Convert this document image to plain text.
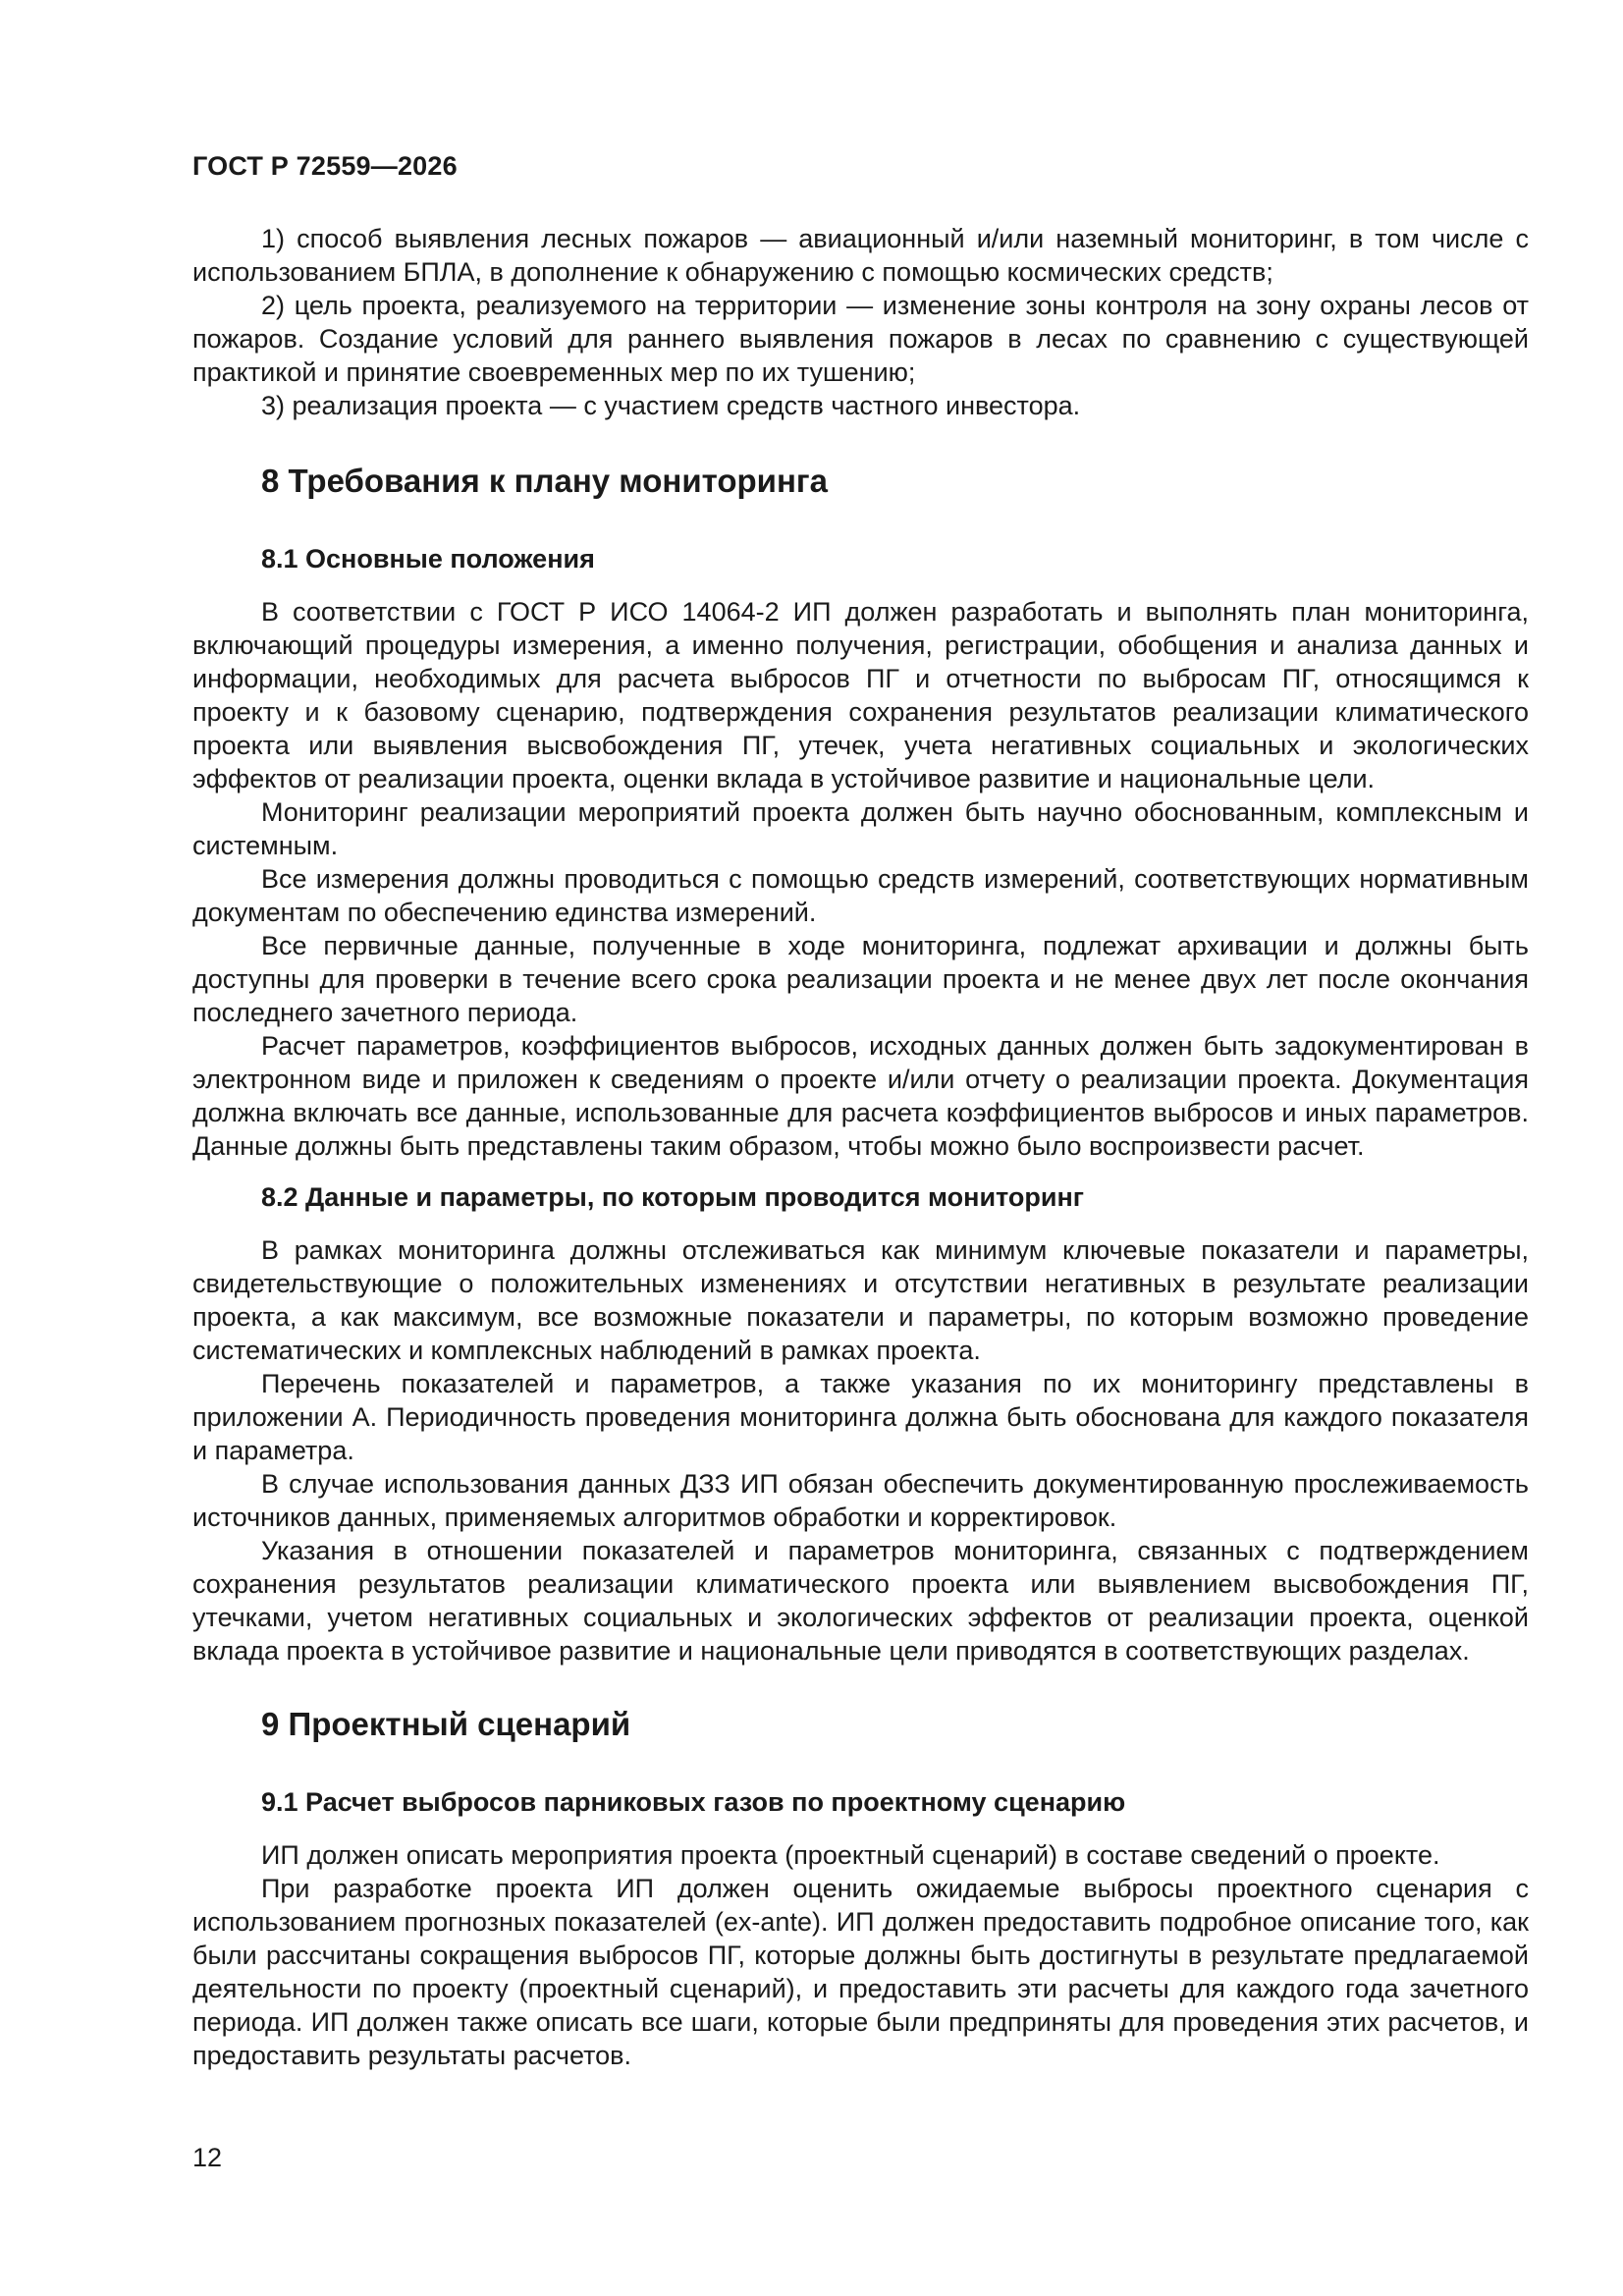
ГОСТ Р 72559—2026

1) способ выявления лесных пожаров — авиационный и/или наземный мониторинг, в том числе с использованием БПЛА, в дополнение к обнаружению с помощью космических средств;

2) цель проекта, реализуемого на территории — изменение зоны контроля на зону охраны лесов от пожаров. Создание условий для раннего выявления пожаров в лесах по сравнению с существующей практикой и принятие своевременных мер по их тушению;

3) реализация проекта — с участием средств частного инвестора.

8 Требования к плану мониторинга
8.1 Основные положения

В соответствии с ГОСТ Р ИСО 14064-2 ИП должен разработать и выполнять план мониторинга, включающий процедуры измерения, а именно получения, регистрации, обобщения и анализа данных и информации, необходимых для расчета выбросов ПГ и отчетности по выбросам ПГ, относящимся к проекту и к базовому сценарию, подтверждения сохранения результатов реализации климатического проекта или выявления высвобождения ПГ, утечек, учета негативных социальных и экологических эффектов от реализации проекта, оценки вклада в устойчивое развитие и национальные цели.

Мониторинг реализации мероприятий проекта должен быть научно обоснованным, комплексным и системным.

Все измерения должны проводиться с помощью средств измерений, соответствующих нормативным документам по обеспечению единства измерений.

Все первичные данные, полученные в ходе мониторинга, подлежат архивации и должны быть доступны для проверки в течение всего срока реализации проекта и не менее двух лет после окончания последнего зачетного периода.

Расчет параметров, коэффициентов выбросов, исходных данных должен быть задокументирован в электронном виде и приложен к сведениям о проекте и/или отчету о реализации проекта. Документация должна включать все данные, использованные для расчета коэффициентов выбросов и иных параметров. Данные должны быть представлены таким образом, чтобы можно было воспроизвести расчет.

8.2 Данные и параметры, по которым проводится мониторинг

В рамках мониторинга должны отслеживаться как минимум ключевые показатели и параметры, свидетельствующие о положительных изменениях и отсутствии негативных в результате реализации проекта, а как максимум, все возможные показатели и параметры, по которым возможно проведение систематических и комплексных наблюдений в рамках проекта.

Перечень показателей и параметров, а также указания по их мониторингу представлены в приложении А. Периодичность проведения мониторинга должна быть обоснована для каждого показателя и параметра.

В случае использования данных ДЗЗ ИП обязан обеспечить документированную прослеживаемость источников данных, применяемых алгоритмов обработки и корректировок.

Указания в отношении показателей и параметров мониторинга, связанных с подтверждением сохранения результатов реализации климатического проекта или выявлением высвобождения ПГ, утечками, учетом негативных социальных и экологических эффектов от реализации проекта, оценкой вклада проекта в устойчивое развитие и национальные цели приводятся в соответствующих разделах.

9 Проектный сценарий
9.1 Расчет выбросов парниковых газов по проектному сценарию

ИП должен описать мероприятия проекта (проектный сценарий) в составе сведений о проекте.

При разработке проекта ИП должен оценить ожидаемые выбросы проектного сценария с использованием прогнозных показателей (ex-ante). ИП должен предоставить подробное описание того, как были рассчитаны сокращения выбросов ПГ, которые должны быть достигнуты в результате предлагаемой деятельности по проекту (проектный сценарий), и предоставить эти расчеты для каждого года зачетного периода. ИП должен также описать все шаги, которые были предприняты для проведения этих расчетов, и предоставить результаты расчетов.

12
